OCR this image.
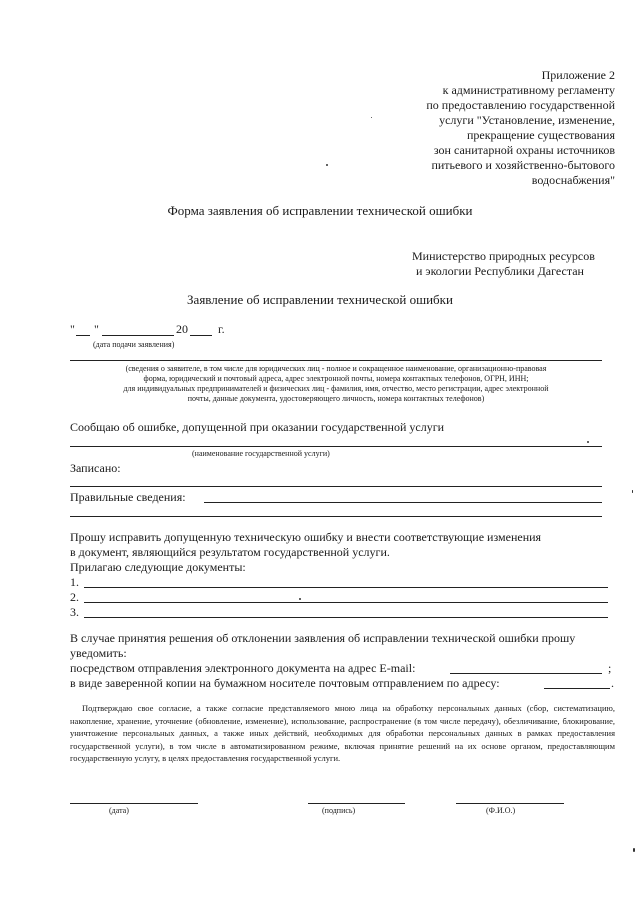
Приложение 2
к административному регламенту
по предоставлению государственной
услуги "Установление, изменение,
прекращение существования
зон санитарной охраны источников
питьевого и хозяйственно-бытового
водоснабжения"
Форма заявления об исправлении технической ошибки
Министерство природных ресурсов
и экологии Республики Дагестан
Заявление об исправлении технической ошибки
" "	20	г.
(дата подачи заявления)
(сведения о заявителе, в том числе для юридических лиц - полное и сокращенное наименование, организационно-правовая
форма, юридический и почтовый адреса, адрес электронной почты, номера контактных телефонов, ОГРН, ИНН;
для индивидуальных предпринимателей и физических лиц - фамилия, имя, отчество, место регистрации, адрес электронной
почты, данные документа, удостоверяющего личность, номера контактных телефонов)
Сообщаю об ошибке, допущенной при оказании государственной услуги
(наименование государственной услуги)
Записано:
Правильные сведения:
Прошу исправить допущенную техническую ошибку и внести соответствующие изменения
в документ, являющийся результатом государственной услуги.
Прилагаю следующие документы:
1.
2.
3.
В случае принятия решения об отклонении заявления об исправлении технической ошибки прошу
уведомить:
посредством отправления электронного документа на адрес E-mail:	;
в виде заверенной копии на бумажном носителе почтовым отправлением по адресу:	.
Подтверждаю свое согласие, а также согласие представляемого мною лица на обработку персональных данных (сбор, систематизацию, накопление, хранение, уточнение (обновление, изменение), использование, распространение (в том числе передачу), обезличивание, блокирование, уничтожение персональных данных, а также иных действий, необходимых для обработки персональных данных в рамках предоставления государственной услуги), в том числе в автоматизированном режиме, включая принятие решений на их основе органом, предоставляющим государственную услугу, в целях предоставления государственной услуги.
(дата)	(подпись)	(Ф.И.О.)
